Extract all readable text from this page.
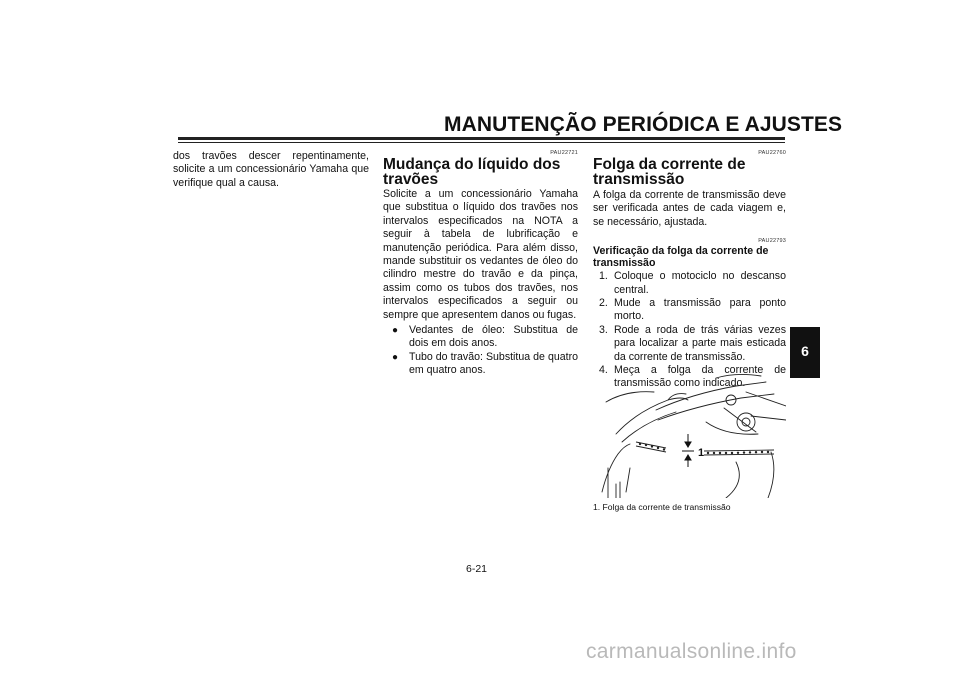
MANUTENÇÃO PERIÓDICA E AJUSTES

dos travões descer repentinamente, solicite a um concessionário Yamaha que verifique qual a causa.

PAU22721
Mudança do líquido dos travões

Solicite a um concessionário Yamaha que substitua o líquido dos travões nos intervalos especificados na NOTA a seguir à tabela de lubrificação e manutenção periódica. Para além disso, mande substituir os vedantes de óleo do cilindro mestre do travão e da pinça, assim como os tubos dos travões, nos intervalos especificados a seguir ou sempre que apresentem danos ou fugas.

● Vedantes de óleo: Substitua de dois em dois anos.
● Tubo do travão: Substitua de quatro em quatro anos.
PAU22760
Folga da corrente de transmissão

A folga da corrente de transmissão deve ser verificada antes de cada viagem e, se necessário, ajustada.

PAU22793
Verificação da folga da corrente de transmissão
1. Coloque o motociclo no descanso central.
2. Mude a transmissão para ponto morto.
3. Rode a roda de trás várias vezes para localizar a parte mais esticada da corrente de transmissão.
4. Meça a folga da corrente de transmissão como indicado.
1
1. Folga da corrente de transmissão
6
6-21
carmanualsonline.info
